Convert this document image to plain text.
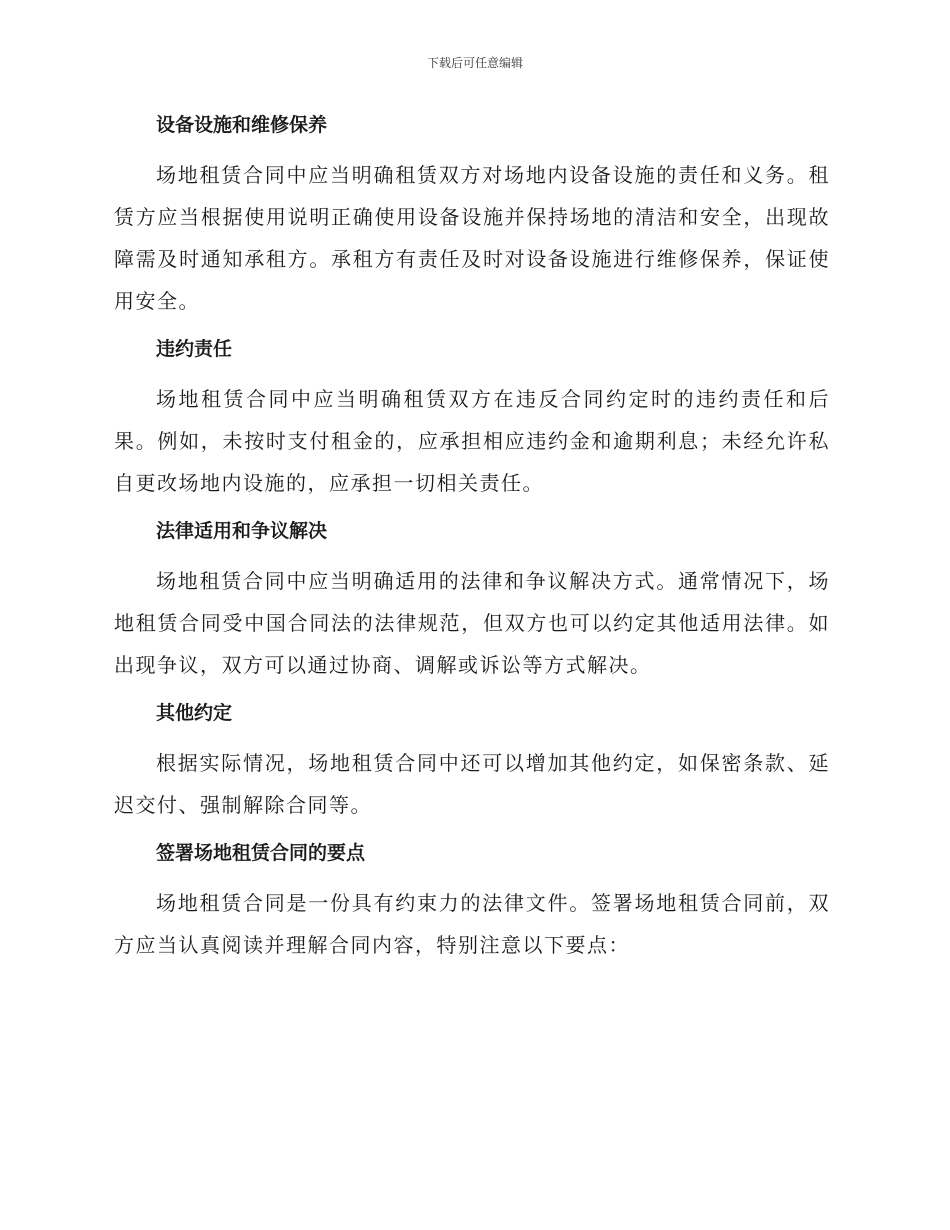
下载后可任意编辑
设备设施和维修保养

场地租赁合同中应当明确租赁双方对场地内设备设施的责任和义务。租赁方应当根据使用说明正确使用设备设施并保持场地的清洁和安全，出现故障需及时通知承租方。承租方有责任及时对设备设施进行维修保养，保证使用安全。

违约责任

场地租赁合同中应当明确租赁双方在违反合同约定时的违约责任和后果。例如，未按时支付租金的，应承担相应违约金和逾期利息；未经允许私自更改场地内设施的，应承担一切相关责任。

法律适用和争议解决

场地租赁合同中应当明确适用的法律和争议解决方式。通常情况下，场地租赁合同受中国合同法的法律规范，但双方也可以约定其他适用法律。如出现争议，双方可以通过协商、调解或诉讼等方式解决。

其他约定

根据实际情况，场地租赁合同中还可以增加其他约定，如保密条款、延迟交付、强制解除合同等。

签署场地租赁合同的要点

场地租赁合同是一份具有约束力的法律文件。签署场地租赁合同前，双方应当认真阅读并理解合同内容，特别注意以下要点：
